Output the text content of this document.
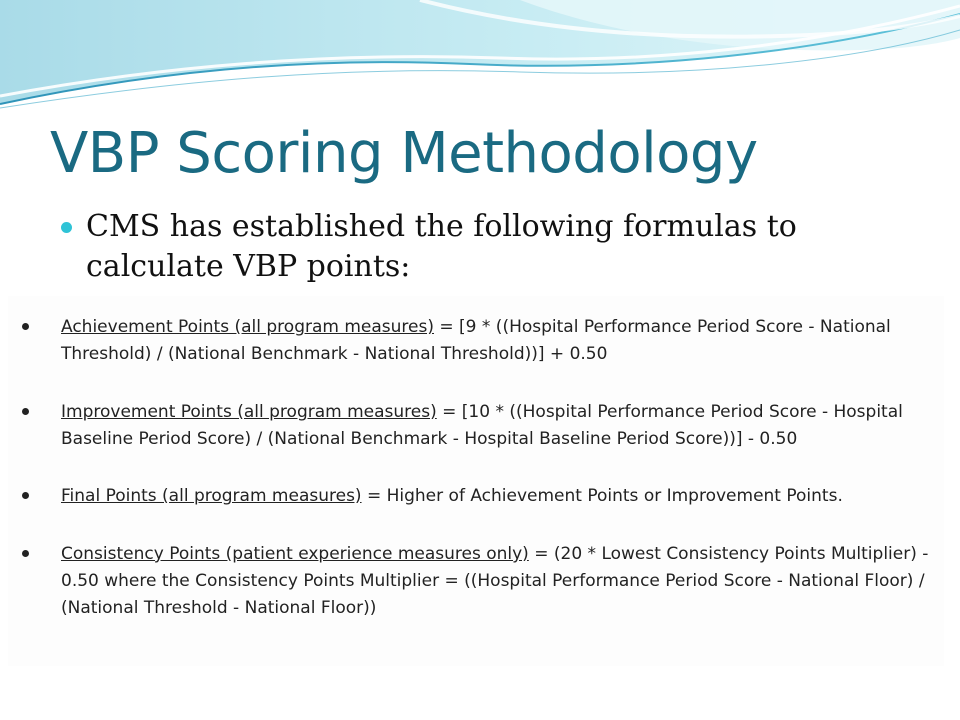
VBP Scoring Methodology

CMS has established the following formulas to calculate VBP points:

Achievement Points (all program measures) = [9 * ((Hospital Performance Period Score - National Threshold) / (National Benchmark - National Threshold))] + 0.50
Improvement Points (all program measures) = [10 * ((Hospital Performance Period Score - Hospital Baseline Period Score) / (National Benchmark - Hospital Baseline Period Score))] - 0.50
Final Points (all program measures) = Higher of Achievement Points or Improvement Points.
Consistency Points (patient experience measures only) = (20 * Lowest Consistency Points Multiplier) - 0.50 where the Consistency Points Multiplier = ((Hospital Performance Period Score - National Floor) / (National Threshold - National Floor))
